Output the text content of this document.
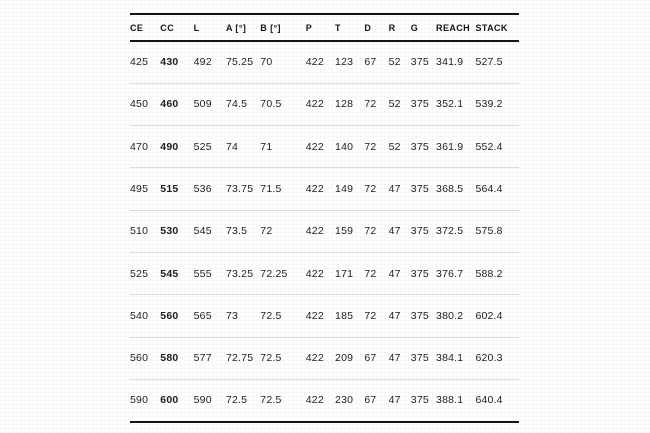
CE	CC	L	A [°]	B [°]	P	T	D	R	G	REACH	STACK
425	430	492	75.25	70	422	123	67	52	375	341.9	527.5
450	460	509	74.5	70.5	422	128	72	52	375	352.1	539.2
470	490	525	74	71	422	140	72	52	375	361.9	552.4
495	515	536	73.75	71.5	422	149	72	47	375	368.5	564.4
510	530	545	73.5	72	422	159	72	47	375	372.5	575.8
525	545	555	73.25	72.25	422	171	72	47	375	376.7	588.2
540	560	565	73	72.5	422	185	72	47	375	380.2	602.4
560	580	577	72.75	72.5	422	209	67	47	375	384.1	620.3
590	600	590	72.5	72.5	422	230	67	47	375	388.1	640.4
